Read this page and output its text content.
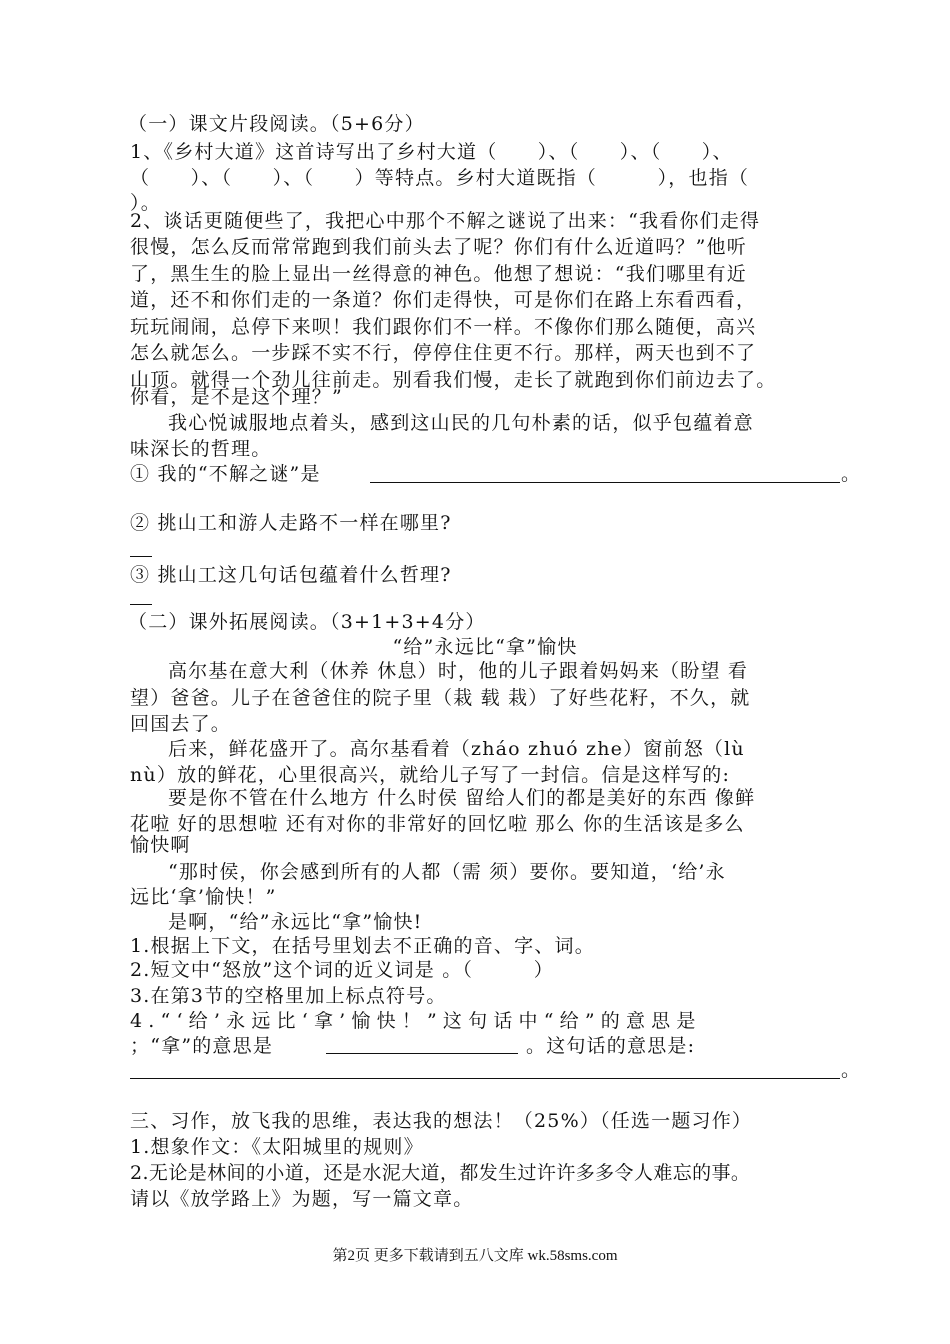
（一）课文片段阅读。（5+6分）
1、《乡村大道》这首诗写出了乡村大道（　　）、（　　）、（　　）、
（　　）、（　　）、（　　）等特点。乡村大道既指（　　　），也指（
）。
2、谈话更随便些了，我把心中那个不解之谜说了出来：“我看你们走得
很慢，怎么反而常常跑到我们前头去了呢？你们有什么近道吗？”他听
了，黑生生的脸上显出一丝得意的神色。他想了想说：“我们哪里有近
道，还不和你们走的一条道？你们走得快，可是你们在路上东看西看，
玩玩闹闹，总停下来呗！我们跟你们不一样。不像你们那么随便，高兴
怎么就怎么。一步踩不实不行，停停住住更不行。那样，两天也到不了
山顶。就得一个劲儿往前走。别看我们慢，走长了就跑到你们前边去了。
你看，是不是这个理？”
我心悦诚服地点着头，感到这山民的几句朴素的话，似乎包蕴着意
味深长的哲理。
① 我的“不解之谜”是	。
② 挑山工和游人走路不一样在哪里?
③ 挑山工这几句话包蕴着什么哲理?
（二）课外拓展阅读。（3+1+3+4分）
“给”永远比“拿”愉快
高尔基在意大利（休养 休息）时，他的儿子跟着妈妈来（盼望 看
望）爸爸。儿子在爸爸住的院子里（栽 载 栽）了好些花籽，不久，就
回国去了。
后来，鲜花盛开了。高尔基看着（zháo zhuó zhe）窗前怒（lù
nù）放的鲜花，心里很高兴，就给儿子写了一封信。信是这样写的:
要是你不管在什么地方 什么时侯 留给人们的都是美好的东西 像鲜
花啦 好的思想啦 还有对你的非常好的回忆啦 那么 你的生活该是多么
愉快啊
“那时侯，你会感到所有的人都（需 须）要你。要知道，‘给’永
远比‘拿’愉快！”
是啊，“给”永远比“拿”愉快!
1.根据上下文，在括号里划去不正确的音、字、词。
2.短文中“怒放”这个词的近义词是 。（　　　）
3.在第3节的空格里加上标点符号。
4.“‘给’永远比‘拿’愉快！”这句话中“给”的意思是
；“拿”的意思是	。这句话的意思是:
。
三、习作，放飞我的思维，表达我的想法！（25%）（任选一题习作）
1.想象作文：《太阳城里的规则》
2.无论是林间的小道，还是水泥大道，都发生过许许多多令人难忘的事。
请以《放学路上》为题，写一篇文章。
第2页 更多下载请到五八文库 wk.58sms.com
